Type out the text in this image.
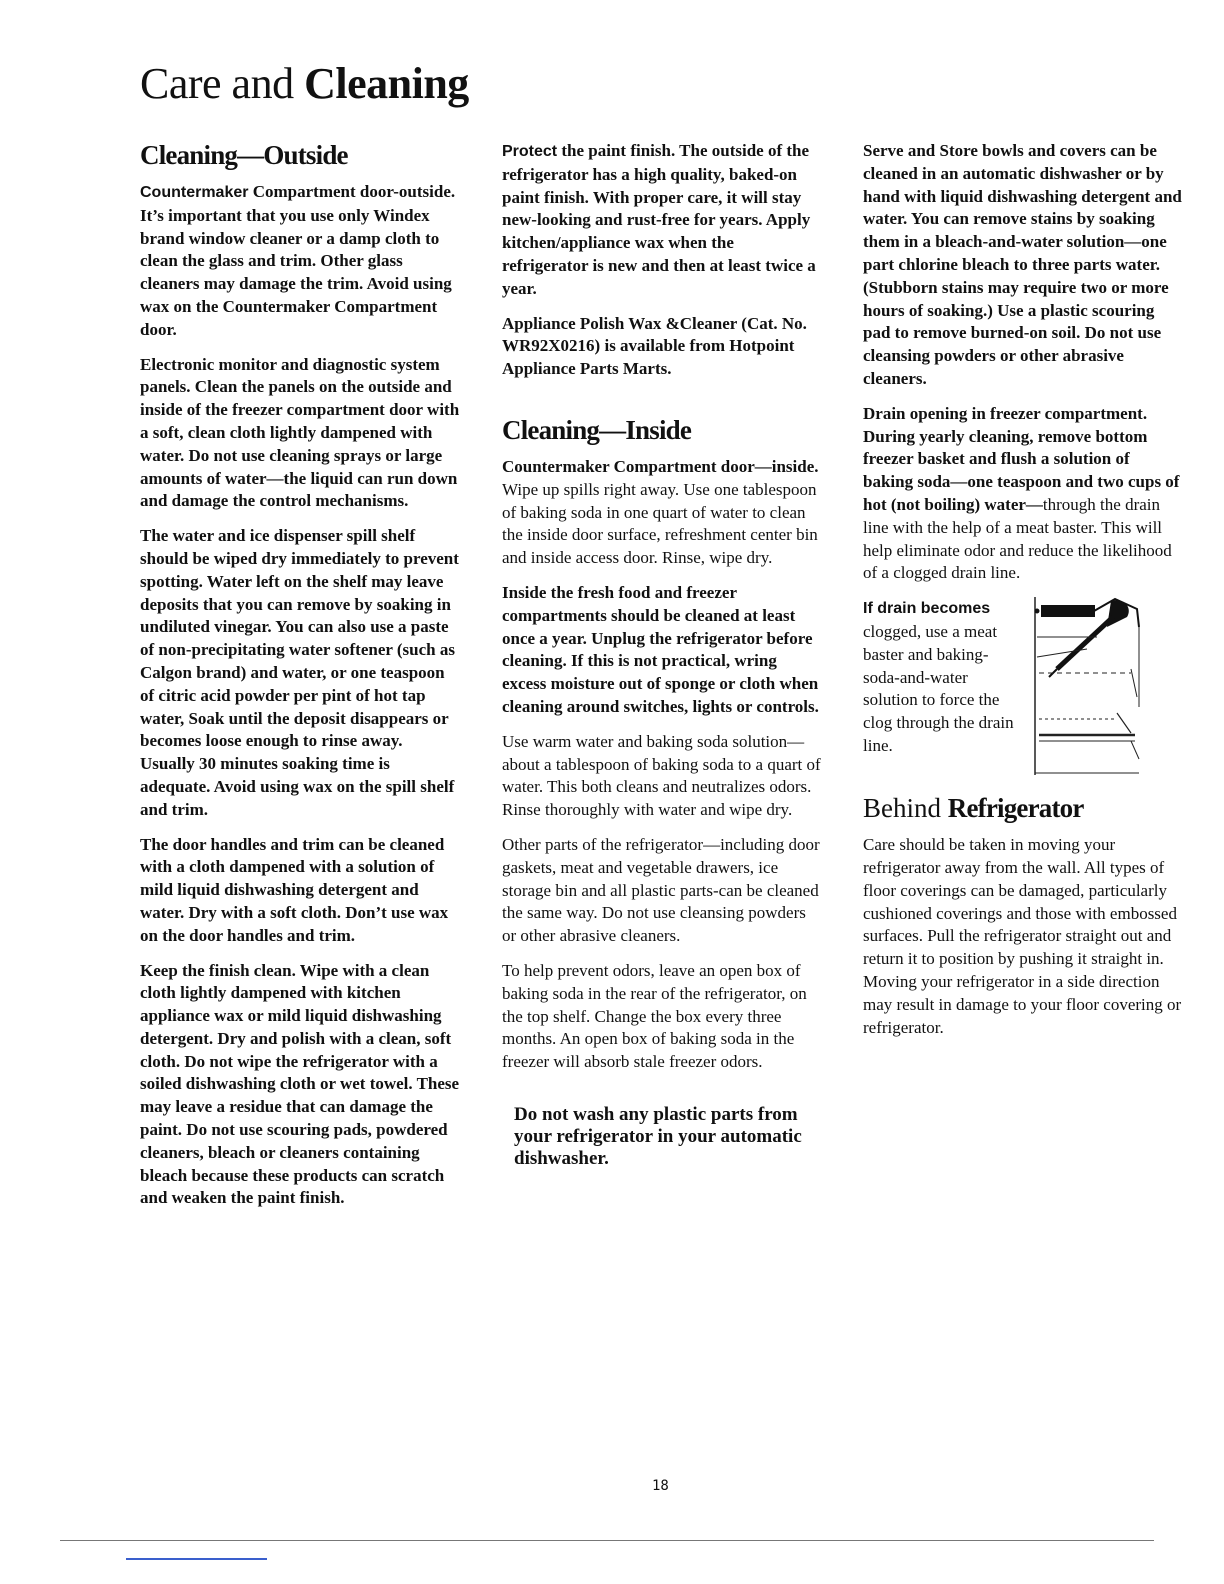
Care and Cleaning
Cleaning—Outside

Countermaker Compartment door-outside. It’s important that you use only Windex brand window cleaner or a damp cloth to clean the glass and trim. Other glass cleaners may damage the trim. Avoid using wax on the Countermaker Compartment door.

Electronic monitor and diagnostic system panels. Clean the panels on the outside and inside of the freezer compartment door with a soft, clean cloth lightly dampened with water. Do not use cleaning sprays or large amounts of water—the liquid can run down and damage the control mechanisms.

The water and ice dispenser spill shelf should be wiped dry immediately to prevent spotting. Water left on the shelf may leave deposits that you can remove by soaking in undiluted vinegar. You can also use a paste of non-precipitating water softener (such as Calgon brand) and water, or one teaspoon of citric acid powder per pint of hot tap water, Soak until the deposit disappears or becomes loose enough to rinse away. Usually 30 minutes soaking time is adequate. Avoid using wax on the spill shelf and trim.

The door handles and trim can be cleaned with a cloth dampened with a solution of mild liquid dishwashing detergent and water. Dry with a soft cloth. Don’t use wax on the door handles and trim.

Keep the finish clean. Wipe with a clean cloth lightly dampened with kitchen appliance wax or mild liquid dishwashing detergent. Dry and polish with a clean, soft cloth. Do not wipe the refrigerator with a soiled dishwashing cloth or wet towel. These may leave a residue that can damage the paint. Do not use scouring pads, powdered cleaners, bleach or cleaners containing bleach because these products can scratch and weaken the paint finish.

Protect the paint finish. The outside of the refrigerator has a high quality, baked-on paint finish. With proper care, it will stay new-looking and rust-free for years. Apply kitchen/appliance wax when the refrigerator is new and then at least twice a year.

Appliance Polish Wax &Cleaner (Cat. No. WR92X0216) is available from Hotpoint Appliance Parts Marts.

Cleaning—Inside

Countermaker Compartment door—inside. Wipe up spills right away. Use one tablespoon of baking soda in one quart of water to clean the inside door surface, refreshment center bin and inside access door. Rinse, wipe dry.

Inside the fresh food and freezer compartments should be cleaned at least once a year. Unplug the refrigerator before cleaning. If this is not practical, wring excess moisture out of sponge or cloth when cleaning around switches, lights or controls.

Use warm water and baking soda solution—about a tablespoon of baking soda to a quart of water. This both cleans and neutralizes odors. Rinse thoroughly with water and wipe dry.

Other parts of the refrigerator—including door gaskets, meat and vegetable drawers, ice storage bin and all plastic parts-can be cleaned the same way. Do not use cleansing powders or other abrasive cleaners.

To help prevent odors, leave an open box of baking soda in the rear of the refrigerator, on the top shelf. Change the box every three months. An open box of baking soda in the freezer will absorb stale freezer odors.

Do not wash any plastic parts from your refrigerator in your automatic dishwasher.

Serve and Store bowls and covers can be cleaned in an automatic dishwasher or by hand with liquid dishwashing detergent and water. You can remove stains by soaking them in a bleach-and-water solution—one part chlorine bleach to three parts water. (Stubborn stains may require two or more hours of soaking.) Use a plastic scouring pad to remove burned-on soil. Do not use cleansing powders or other abrasive cleaners.

Drain opening in freezer compartment. During yearly cleaning, remove bottom freezer basket and flush a solution of baking soda—one teaspoon and two cups of hot (not boiling) water—through the drain line with the help of a meat baster. This will help eliminate odor and reduce the likelihood of a clogged drain line.

If drain becomes clogged, use a meat baster and baking-soda-and-water solution to force the clog through the drain line.

Behind Refrigerator

Care should be taken in moving your refrigerator away from the wall. All types of floor coverings can be damaged, particularly cushioned coverings and those with embossed surfaces. Pull the refrigerator straight out and return it to position by pushing it straight in. Moving your refrigerator in a side direction may result in damage to your floor covering or refrigerator.

18
